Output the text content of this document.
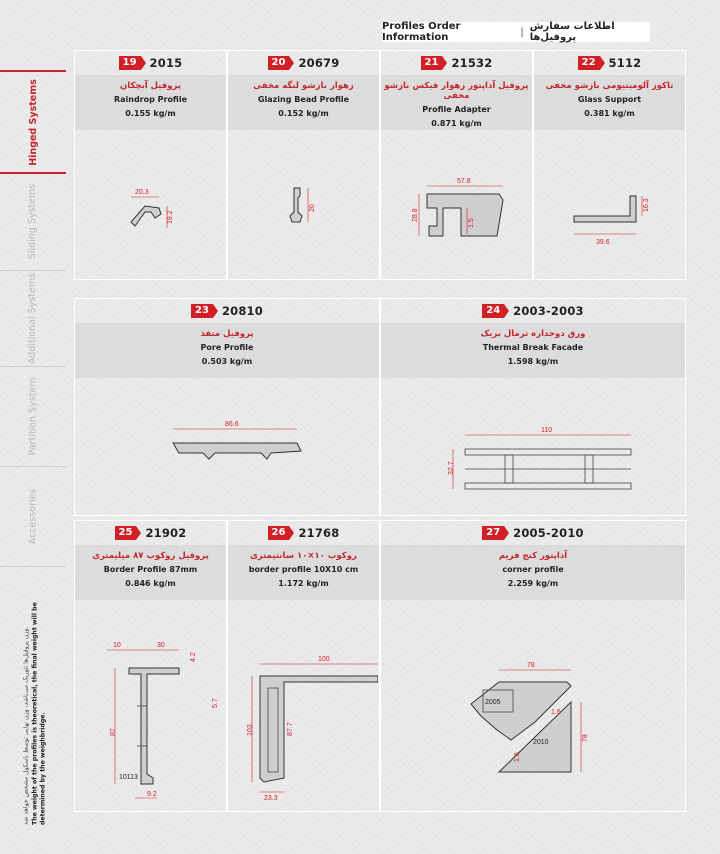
Profiles Order Information	| اطلاعات سفارش پروفیل‌ها
Hinged Systems
Sliding Systems
Additional Systems
Partition System
Accessories
وزن پروفیل‌ها تئوریک می‌باشد، وزن نهایی توسط باسکول مشخص خواهد شد. The weight of the profiles is theoretical, the final weight will be determined by the weighbridge.
19	2015
پروفیل آبچکان
Raindrop Profile
0.155 kg/m
20.3
19.2
20	20679
زهوار بازشو لنگه مخفی
Glazing Bead Profile
0.152 kg/m
20
21	21532
پروفیل آداپتور زهوار فیکس بازشو مخفی
Profile Adapter
0.871 kg/m
57.8
28.8
1.5
22	5112
تاکوز آلومینیومی بازشو مخفی
Glass Support
0.381 kg/m
16.3
39.6
23	20810
پروفیل منفذ
Pore Profile
0.503 kg/m
86.6
24	2003-2003
ورق دوجداره ترمال بریک
Thermal Break Facade
1.598 kg/m
110
32.7
25	21902
پروفیل روکوب ۸۷ میلیمتری
Border Profile 87mm
0.846 kg/m
10	30
4.2
5.7
87
10113
9.2
26	21768
روکوب ۱۰×۱۰ سانتیمتری
border profile 10X10 cm
1.172 kg/m
100
103	87.7
23.3
27	2005-2010
آداپتور کنج فریم
corner profile
2.259 kg/m
78
2005
1.6
78
2010
1.6
